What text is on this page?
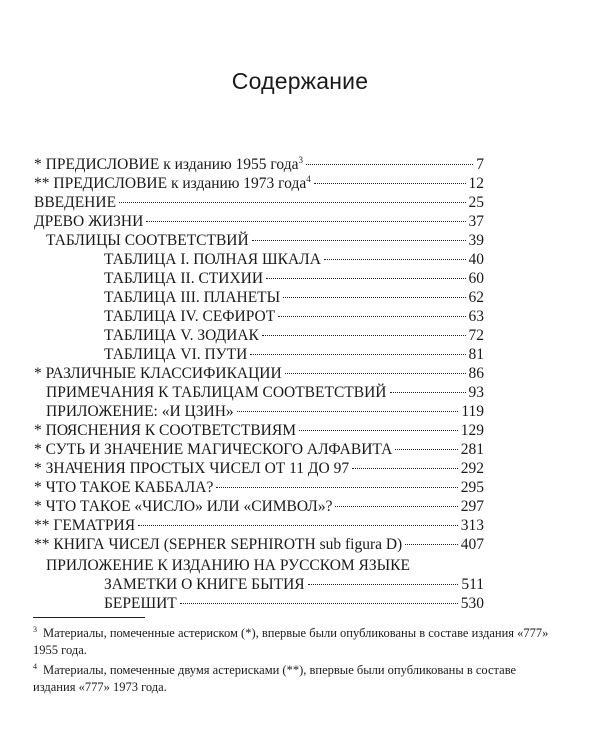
Содержание
* ПРЕДИСЛОВИЕ к изданию 1955 года$^3$	7
** ПРЕДИСЛОВИЕ к изданию 1973 года$^4$	12
ВВЕДЕНИЕ	25
ДРЕВО ЖИЗНИ	37
ТАБЛИЦЫ СООТВЕТСТВИЙ	39
ТАБЛИЦА I. ПОЛНАЯ ШКАЛА	40
ТАБЛИЦА II. СТИХИИ	60
ТАБЛИЦА III. ПЛАНЕТЫ	62
ТАБЛИЦА IV. СЕФИРОТ	63
ТАБЛИЦА V. ЗОДИАК	72
ТАБЛИЦА VI. ПУТИ	81
* РАЗЛИЧНЫЕ КЛАССИФИКАЦИИ	86
ПРИМЕЧАНИЯ К ТАБЛИЦАМ СООТВЕТСТВИЙ	93
ПРИЛОЖЕНИЕ: «И ЦЗИН»	119
* ПОЯСНЕНИЯ К СООТВЕТСТВИЯМ	129
* СУТЬ И ЗНАЧЕНИЕ МАГИЧЕСКОГО АЛФАВИТА	281
* ЗНАЧЕНИЯ ПРОСТЫХ ЧИСЕЛ ОТ 11 ДО 97	292
* ЧТО ТАКОЕ КАББАЛА?	295
* ЧТО ТАКОЕ «ЧИСЛО» ИЛИ «СИМВОЛ»?	297
** ГЕМАТРИЯ	313
** КНИГА ЧИСЕЛ (SEPHER SEPHIROTH sub figura D)	407
ПРИЛОЖЕНИЕ К ИЗДАНИЮ НА РУССКОМ ЯЗЫКЕ
ЗАМЕТКИ О КНИГЕ БЫТИЯ	511
БЕРЕШИТ	530
$^3$ Материалы, помеченные астериском (*), впервые были опубликованы в составе издания «777» 1955 года.
$^4$ Материалы, помеченные двумя астерисками (**), впервые были опубликованы в составе издания «777» 1973 года.
